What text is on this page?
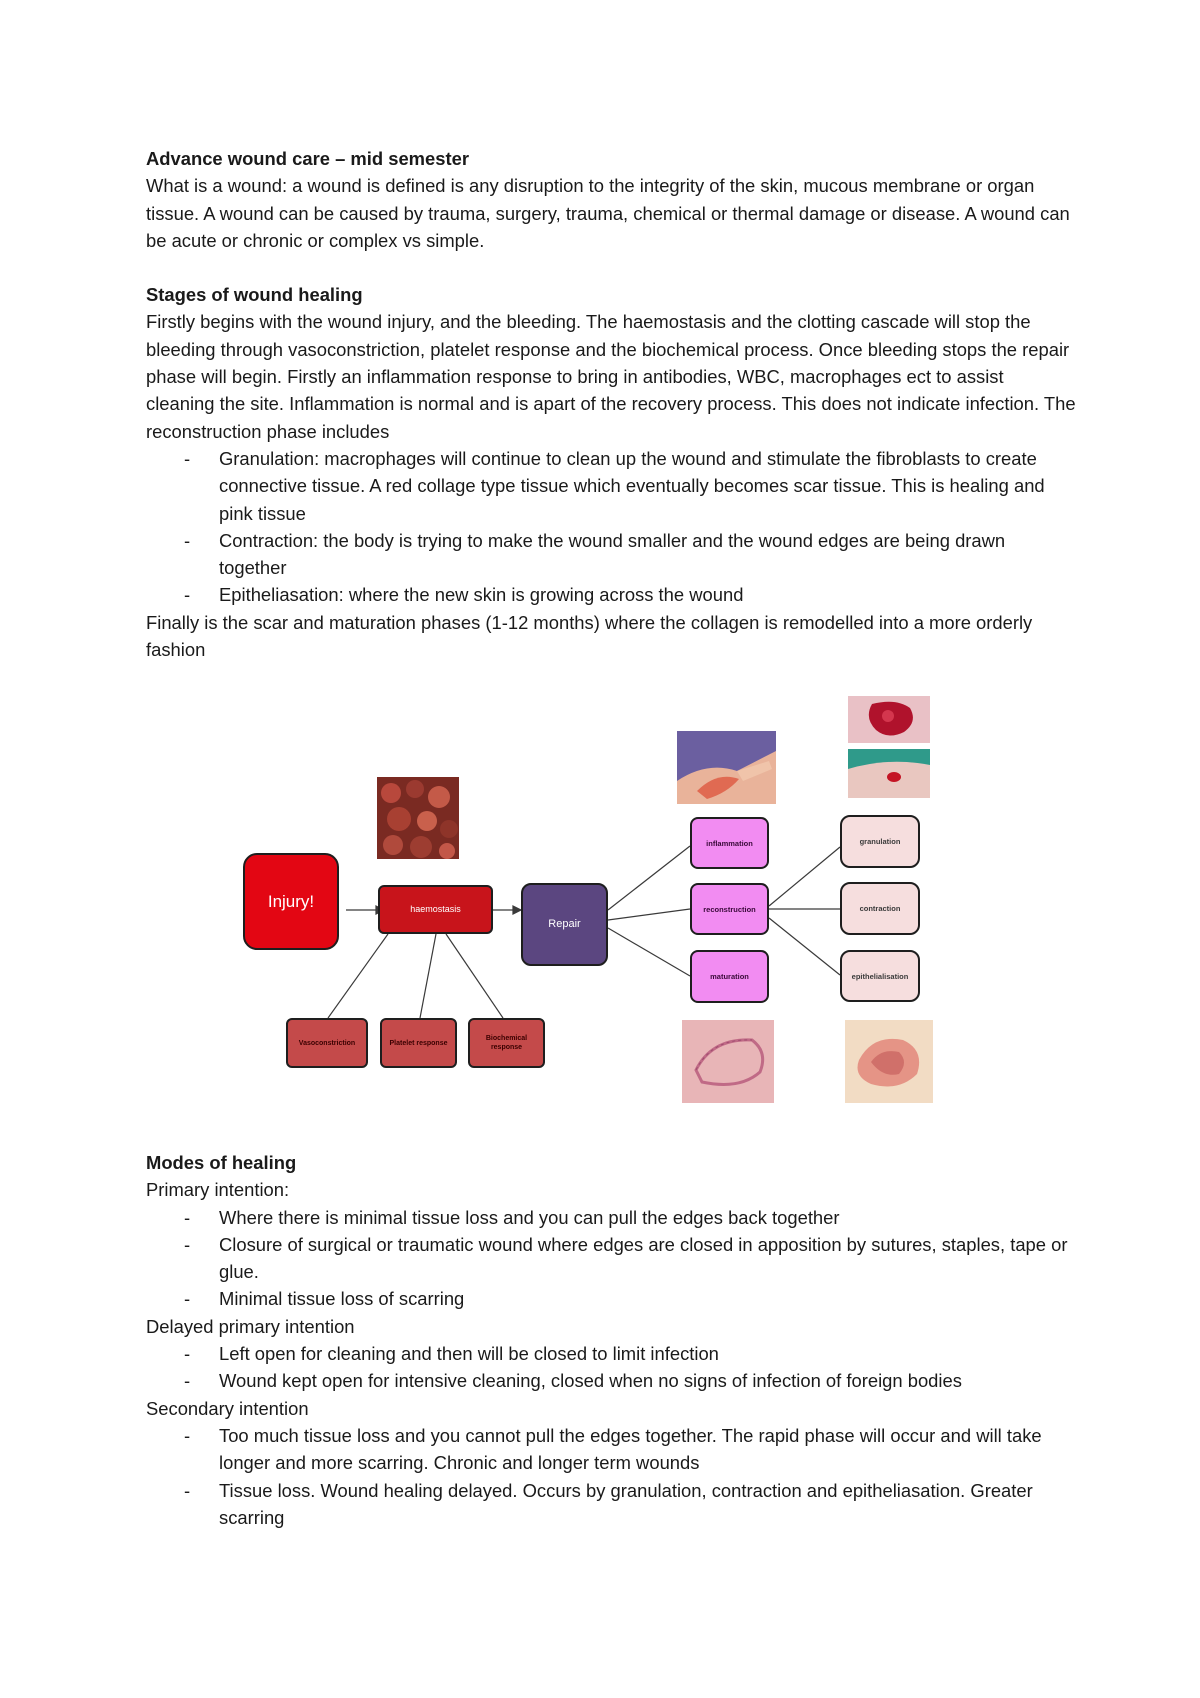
Advance wound care – mid semester

What is a wound: a wound is defined is any disruption to the integrity of the skin, mucous membrane or organ tissue. A wound can be caused by trauma, surgery, trauma, chemical or thermal damage or disease. A wound can be acute or chronic or complex vs simple.

Stages of wound healing

Firstly begins with the wound injury, and the bleeding. The haemostasis and the clotting cascade will stop the bleeding through vasoconstriction, platelet response and the biochemical process. Once bleeding stops the repair phase will begin. Firstly an inflammation response to bring in antibodies, WBC, macrophages ect to assist cleaning the site. Inflammation is normal and is apart of the recovery process. This does not indicate infection. The reconstruction phase includes

- Granulation: macrophages will continue to clean up the wound and stimulate the fibroblasts to create connective tissue. A red collage type tissue which eventually becomes scar tissue. This is healing and pink tissue
- Contraction: the body is trying to make the wound smaller and the wound edges are being drawn together
- Epitheliasation: where the new skin is growing across the wound

Finally is the scar and maturation phases (1-12 months) where the collagen is remodelled into a more orderly fashion

Injury!	haemostasis
Repair
Vasoconstriction	Platelet response
Biochemical response
inflammation
reconstruction
maturation
granulation
contraction
epithelialisation

Modes of healing

Primary intention:

- Where there is minimal tissue loss and you can pull the edges back together
- Closure of surgical or traumatic wound where edges are closed in apposition by sutures, staples, tape or glue.
- Minimal tissue loss of scarring

Delayed primary intention

- Left open for cleaning and then will be closed to limit infection
- Wound kept open for intensive cleaning, closed when no signs of infection of foreign bodies

Secondary intention

- Too much tissue loss and you cannot pull the edges together. The rapid phase will occur and will take longer and more scarring. Chronic and longer term wounds
- Tissue loss. Wound healing delayed. Occurs by granulation, contraction and epitheliasation. Greater scarring
